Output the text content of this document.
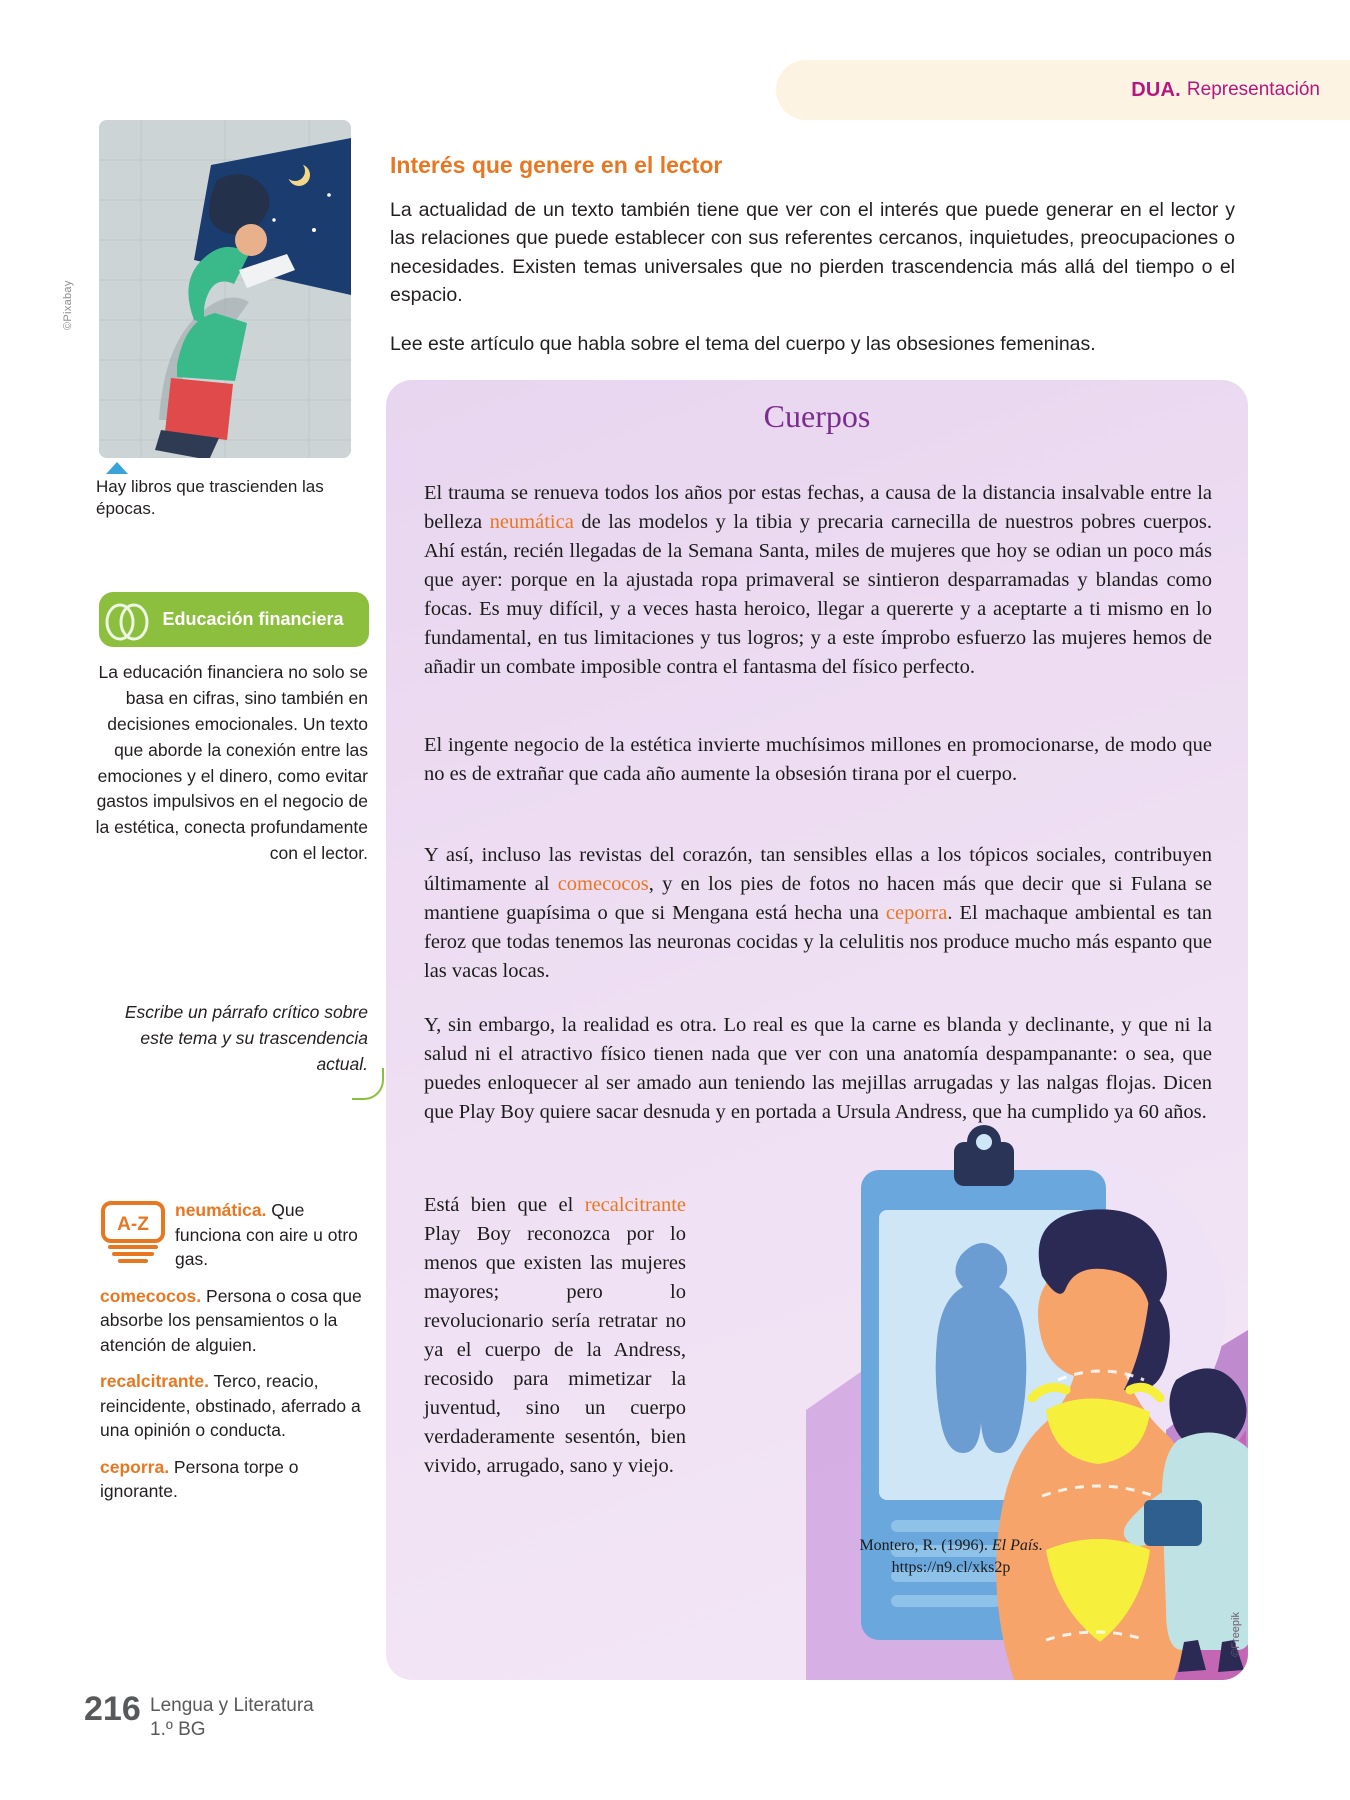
DUA. Representación
©Pixabay
Hay libros que trascienden las épocas.
Educación financiera
La educación financiera no solo se basa en cifras, sino también en decisiones emocionales. Un texto que aborde la conexión entre las emociones y el dinero, como evitar gastos impulsivos en el negocio de la estética, conecta profundamente con el lector.
Escribe un párrafo crítico sobre este tema y su trascendencia actual.
A-Z
neumática. Que funciona con aire u otro gas.
comecocos. Persona o cosa que absorbe los pensamientos o la atención de alguien.
recalcitrante. Terco, reacio, reincidente, obstinado, aferrado a una opinión o conducta.
ceporra. Persona torpe o ignorante.
Interés que genere en el lector
La actualidad de un texto también tiene que ver con el interés que puede generar en el lector y las relaciones que puede establecer con sus referentes cercanos, inquietudes, preocupaciones o necesidades. Existen temas universales que no pierden trascendencia más allá del tiempo o el espacio.
Lee este artículo que habla sobre el tema del cuerpo y las obsesiones femeninas.
Cuerpos

El trauma se renueva todos los años por estas fechas, a causa de la distancia insalvable entre la belleza neumática de las modelos y la tibia y precaria carnecilla de nuestros pobres cuerpos. Ahí están, recién llegadas de la Semana Santa, miles de mujeres que hoy se odian un poco más que ayer: porque en la ajustada ropa primaveral se sintieron desparramadas y blandas como focas. Es muy difícil, y a veces hasta heroico, llegar a quererte y a aceptarte a ti mismo en lo fundamental, en tus limitaciones y tus logros; y a este ímprobo esfuerzo las mujeres hemos de añadir un combate imposible contra el fantasma del físico perfecto.

El ingente negocio de la estética invierte muchísimos millones en promocionarse, de modo que no es de extrañar que cada año aumente la obsesión tirana por el cuerpo.

Y así, incluso las revistas del corazón, tan sensibles ellas a los tópicos sociales, contribuyen últimamente al comecocos, y en los pies de fotos no hacen más que decir que si Fulana se mantiene guapísima o que si Mengana está hecha una ceporra. El machaque ambiental es tan feroz que todas tenemos las neuronas cocidas y la celulitis nos produce mucho más espanto que las vacas locas.

Y, sin embargo, la realidad es otra. Lo real es que la carne es blanda y declinante, y que ni la salud ni el atractivo físico tienen nada que ver con una anatomía despampanante: o sea, que puedes enloquecer al ser amado aun teniendo las mejillas arrugadas y las nalgas flojas. Dicen que Play Boy quiere sacar desnuda y en portada a Ursula Andress, que ha cumplido ya 60 años.

Está bien que el recalcitrante Play Boy reconozca por lo menos que existen las mujeres mayores; pero lo revolucionario sería retratar no ya el cuerpo de la Andress, recosido para mimetizar la juventud, sino un cuerpo verdaderamente sesentón, bien vivido, arrugado, sano y viejo.

Montero, R. (1996). El País.
https://n9.cl/xks2p
©Freepik
216 Lengua y Literatura
1.º BG
